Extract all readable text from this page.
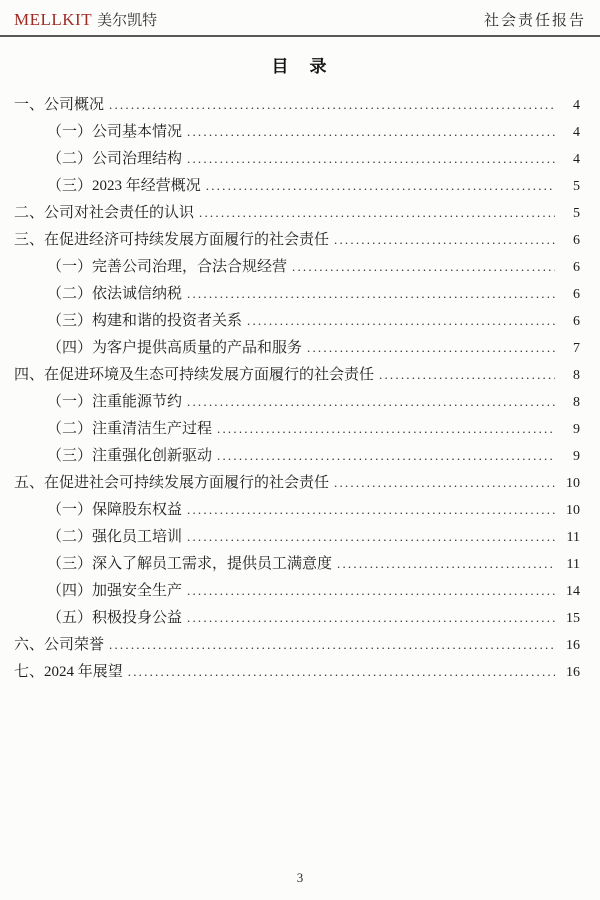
MELLKIT 美尔凯特	社会责任报告
目　录
一、公司概况 .....	4
（一）公司基本情况 .....	4
（二）公司治理结构 .....	4
（三）2023 年经营概况 .....	5
二、公司对社会责任的认识 .....	5
三、在促进经济可持续发展方面履行的社会责任 .....	6
（一）完善公司治理，合法合规经营 .....	6
（二）依法诚信纳税 .....	6
（三）构建和谐的投资者关系 .....	6
（四）为客户提供高质量的产品和服务 .....	7
四、在促进环境及生态可持续发展方面履行的社会责任 .....	8
（一）注重能源节约 .....	8
（二）注重清洁生产过程 .....	9
（三）注重强化创新驱动 .....	9
五、在促进社会可持续发展方面履行的社会责任 .....	10
（一）保障股东权益 .....	10
（二）强化员工培训 .....	11
（三）深入了解员工需求，提供员工满意度 .....	11
（四）加强安全生产 .....	14
（五）积极投身公益 .....	15
六、公司荣誉 .....	16
七、2024 年展望 .....	16
3
